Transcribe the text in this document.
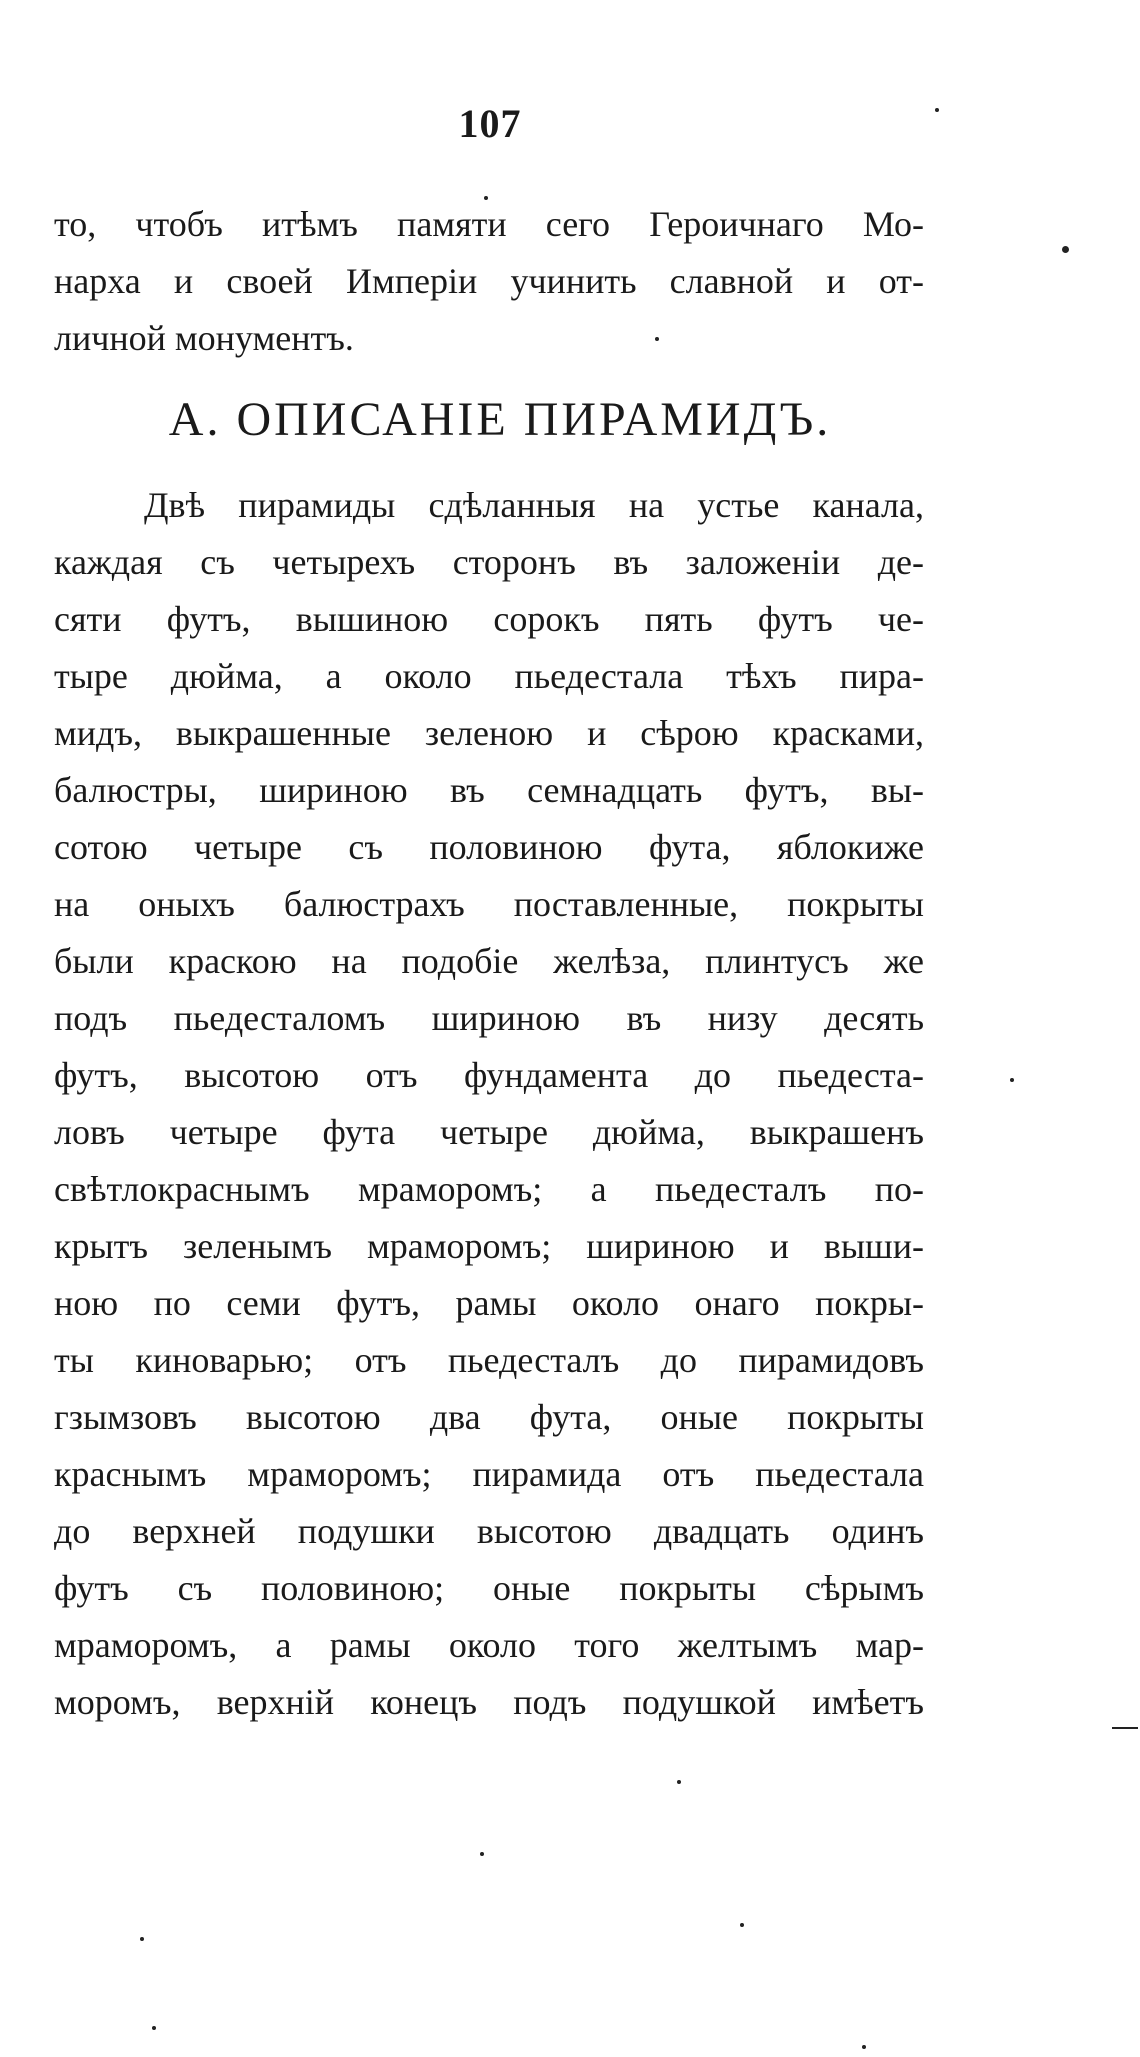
107
то, чтобъ итѣмъ памяти сего Героичнаго Мо-
нарха и своей Имперіи учинить славной и от-
личной монументъ.
А. ОПИСАНІЕ ПИРАМИДЪ.
Двѣ пирамиды сдѣланныя на устье канала,
каждая съ четырехъ сторонъ въ заложеніи де-
сяти футъ, вышиною сорокъ пять футъ че-
тыре дюйма, а около пьедестала тѣхъ пира-
мидъ, выкрашенные зеленою и сѣрою красками,
балюстры, шириною въ семнадцать футъ, вы-
сотою четыре съ половиною фута, яблокиже
на оныхъ балюстрахъ поставленные, покрыты
были краскою на подобіе желѣза, плинтусъ же
подъ пьедесталомъ шириною въ низу десять
футъ, высотою отъ фундамента до пьедеста-
ловъ четыре фута четыре дюйма, выкрашенъ
свѣтлокраснымъ мраморомъ; а пьедесталъ по-
крытъ зеленымъ мраморомъ; шириною и выши-
ною по семи футъ, рамы около онаго покры-
ты киноварью; отъ пьедесталъ до пирамидовъ
гзымзовъ высотою два фута, оные покрыты
краснымъ мраморомъ; пирамида отъ пьедестала
до верхней подушки высотою двадцать одинъ
футъ съ половиною; оные покрыты сѣрымъ
мраморомъ, а рамы около того желтымъ мар-
моромъ, верхній конецъ подъ подушкой имѣетъ
